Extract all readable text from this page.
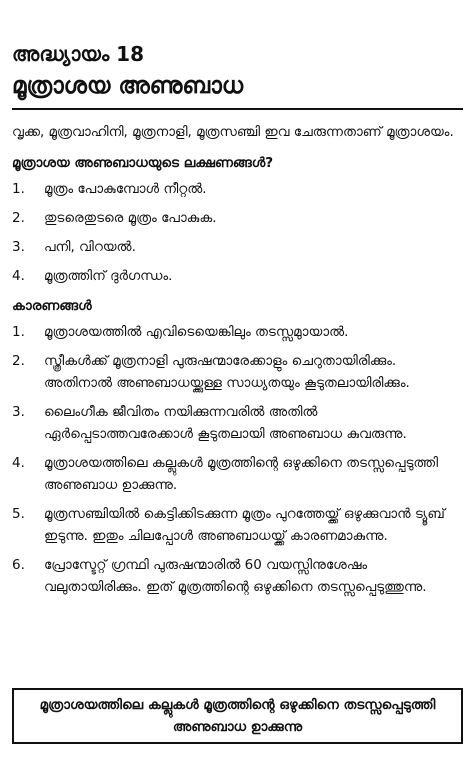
അദ്ധ്യായം 18
മൂത്രാശയ അണുബാധ

വൃക്ക, മൂത്രവാഹിനി, മൂത്രനാളി, മൂത്രസഞ്ചി ഇവ ചേരുന്നതാണ് മൂത്രാശയം.

മൂത്രാശയ അണുബാധയുടെ ലക്ഷണങ്ങൾ?
1.	മൂത്രം പോകുമ്പോൾ നീറ്റൽ.
2.	തുടരെതുടരെ മൂത്രം പോകുക.
3.	പനി, വിറയൽ.
4.	മൂത്രത്തിന് ദുർഗന്ധം.
കാരണങ്ങൾ
1.	മൂത്രാശയത്തിൽ എവിടെയെങ്കിലും തടസ്സമുായാൽ.
2.	സ്ത്രീകൾക്ക് മൂത്രനാളി പുരുഷന്മാരേക്കാളും ചെറുതായിരിക്കും. അതിനാൽ അണുബാധയ്ക്കുള്ള സാധ്യതയും കൂടുതലായിരിക്കും.
3.	ലൈംഗീക ജീവിതം നയിക്കുന്നവരിൽ അതിൽ ഏർപ്പെടാത്തവരേക്കാൾ കൂടുതലായി അണുബാധ കുവരുന്നു.
4.	മൂത്രാശയത്തിലെ കല്ലുകൾ മൂത്രത്തിന്റെ ഒഴുക്കിനെ തടസ്സപ്പെടുത്തി അണുബാധ ഉാക്കുന്നു.
5.	മൂത്രസഞ്ചിയിൽ കെട്ടിക്കിടക്കുന്ന മൂത്രം പുറത്തേയ്ക്ക് ഒഴുക്കുവാൻ ട്യൂബ് ഇടുന്നു. ഇതും ചിലപ്പോൾ അണുബാധയ്ക്ക് കാരണമാകുന്നു.
6.	പ്രോസ്ടേറ്റ് ഗ്രന്ഥി പുരുഷന്മാരിൽ 60 വയസ്സിനുശേഷം വലുതായിരിക്കും. ഇത് മൂത്രത്തിന്റെ ഒഴുക്കിനെ തടസ്സപ്പെടുത്തുന്നു.
മൂത്രാശയത്തിലെ കല്ലുകൾ മൂത്രത്തിന്റെ ഒഴുക്കിനെ തടസ്സപ്പെടുത്തി അണുബാധ ഉാക്കുന്നു
